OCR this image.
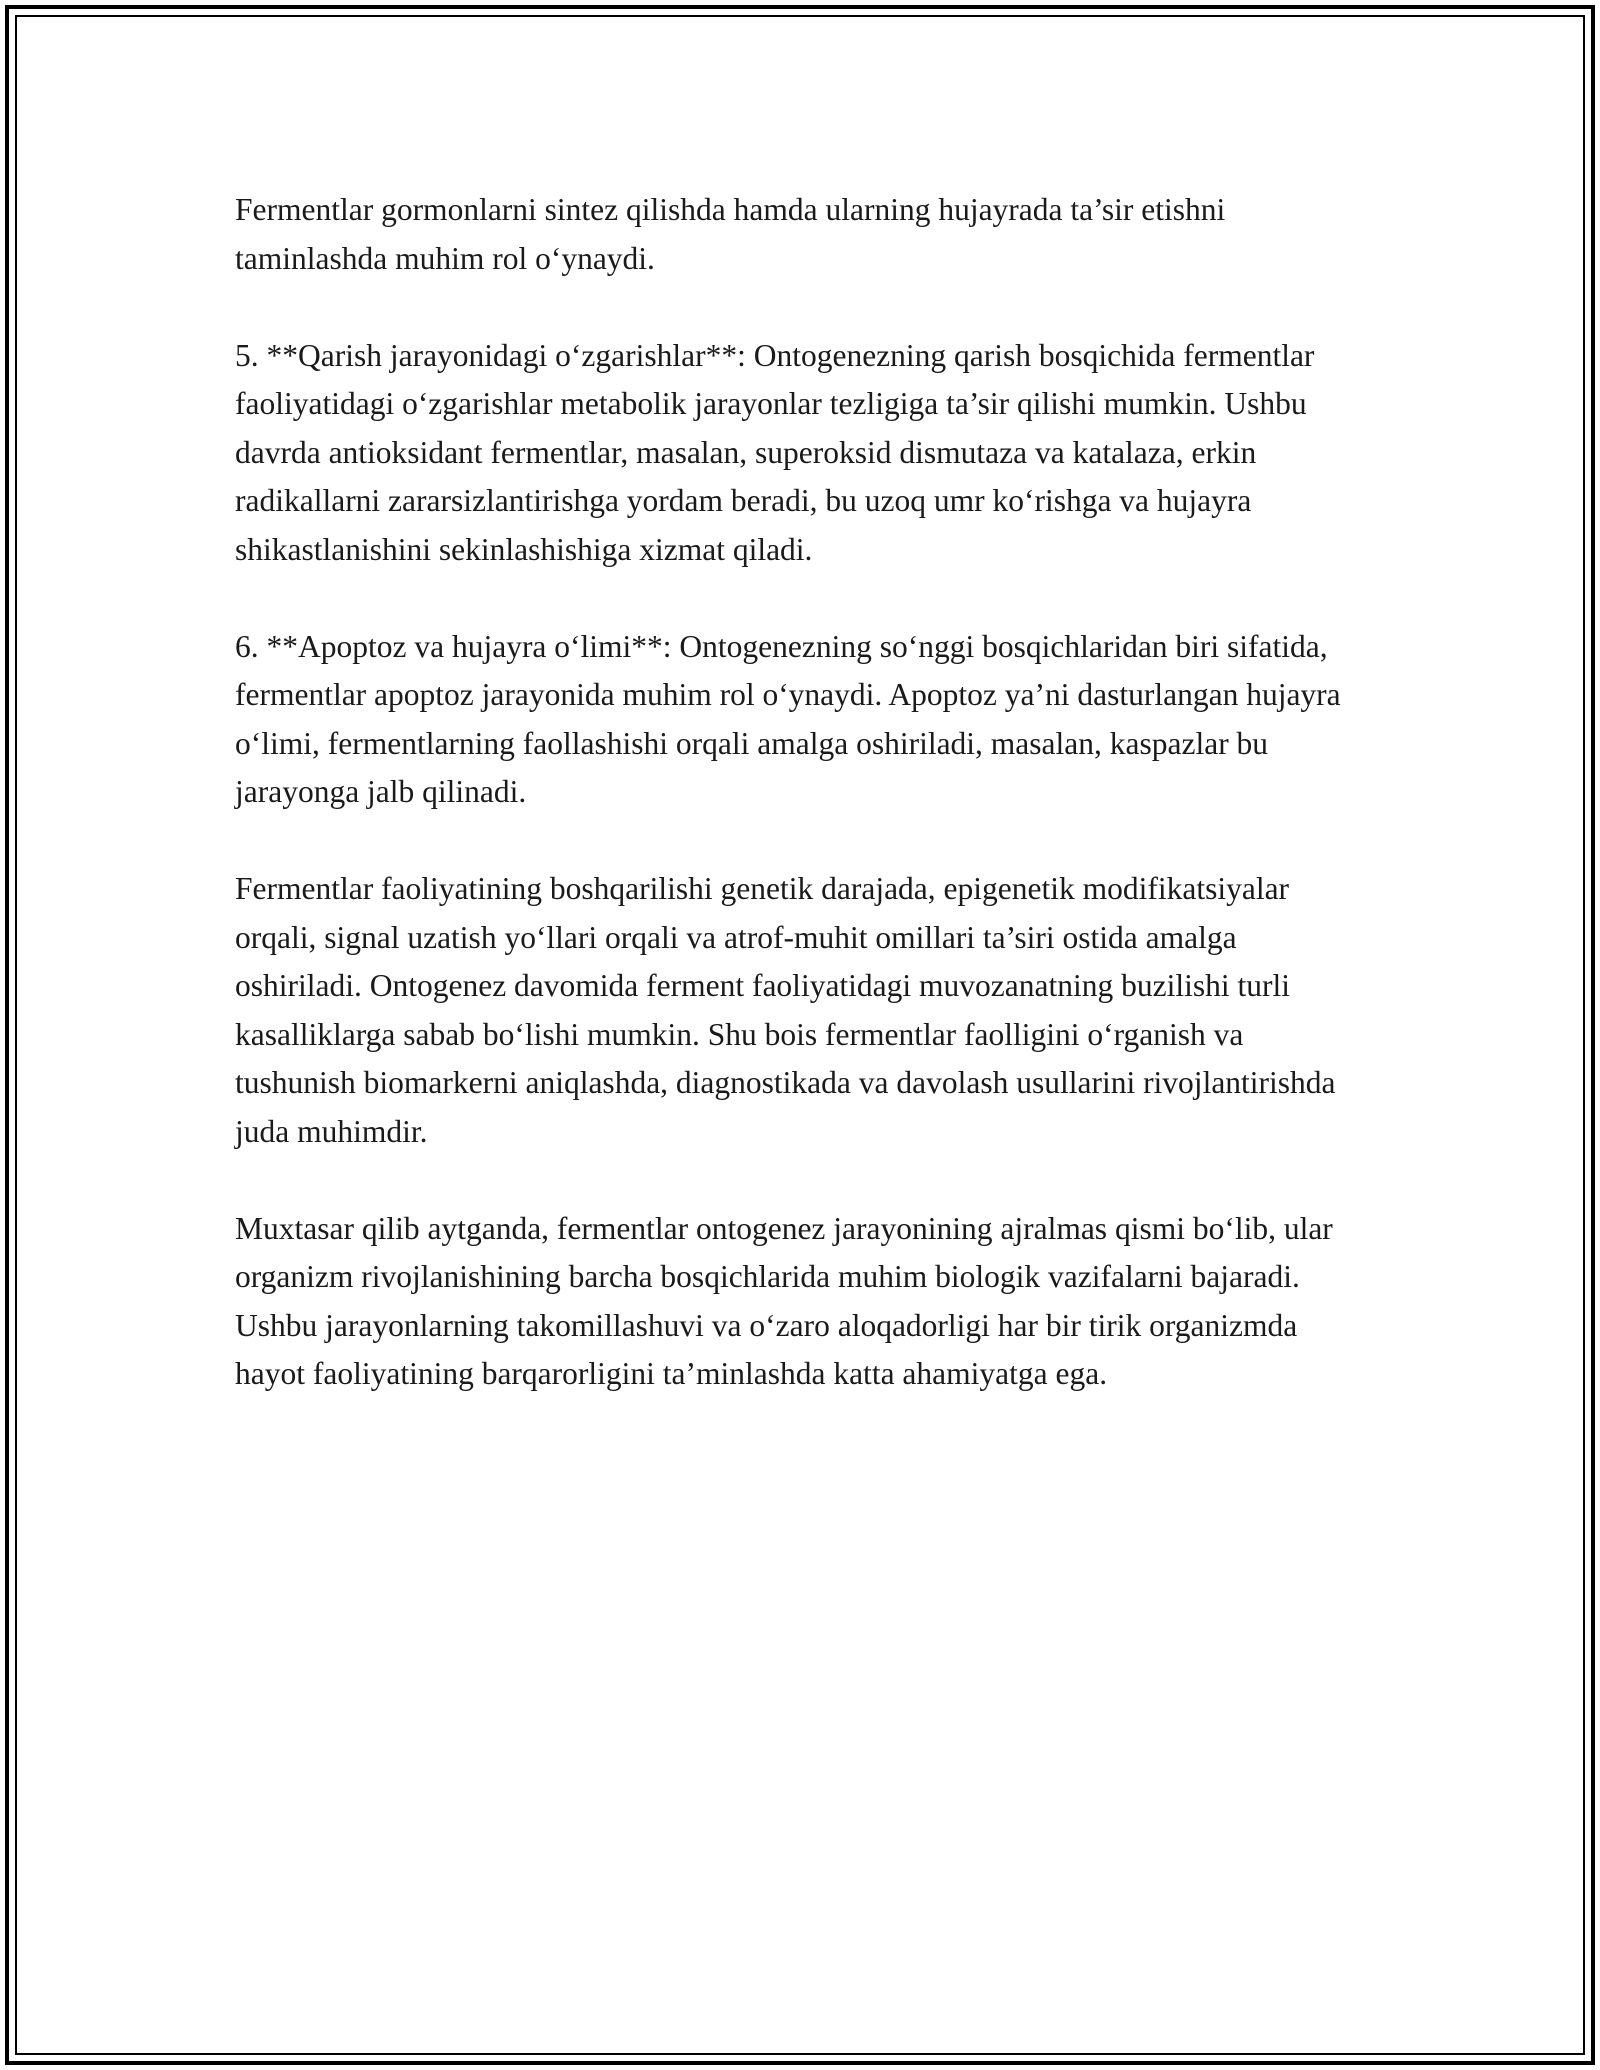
Fermentlar gormonlarni sintez qilishda hamda ularning hujayrada ta’sir etishni taminlashda muhim rol o‘ynaydi.

5. **Qarish jarayonidagi o‘zgarishlar**: Ontogenezning qarish bosqichida fermentlar faoliyatidagi o‘zgarishlar metabolik jarayonlar tezligiga ta’sir qilishi mumkin. Ushbu davrda antioksidant fermentlar, masalan, superoksid dismutaza va katalaza, erkin radikallarni zararsizlantirishga yordam beradi, bu uzoq umr ko‘rishga va hujayra shikastlanishini sekinlashishiga xizmat qiladi.

6. **Apoptoz va hujayra o‘limi**: Ontogenezning so‘nggi bosqichlaridan biri sifatida, fermentlar apoptoz jarayonida muhim rol o‘ynaydi. Apoptoz ya’ni dasturlangan hujayra o‘limi, fermentlarning faollashishi orqali amalga oshiriladi, masalan, kaspazlar bu jarayonga jalb qilinadi.

Fermentlar faoliyatining boshqarilishi genetik darajada, epigenetik modifikatsiyalar orqali, signal uzatish yo‘llari orqali va atrof-muhit omillari ta’siri ostida amalga oshiriladi. Ontogenez davomida ferment faoliyatidagi muvozanatning buzilishi turli kasalliklarga sabab bo‘lishi mumkin. Shu bois fermentlar faolligini o‘rganish va tushunish biomarkerni aniqlashda, diagnostikada va davolash usullarini rivojlantirishda juda muhimdir.

Muxtasar qilib aytganda, fermentlar ontogenez jarayonining ajralmas qismi bo‘lib, ular organizm rivojlanishining barcha bosqichlarida muhim biologik vazifalarni bajaradi. Ushbu jarayonlarning takomillashuvi va o‘zaro aloqadorligi har bir tirik organizmda hayot faoliyatining barqarorligini ta’minlashda katta ahamiyatga ega.
